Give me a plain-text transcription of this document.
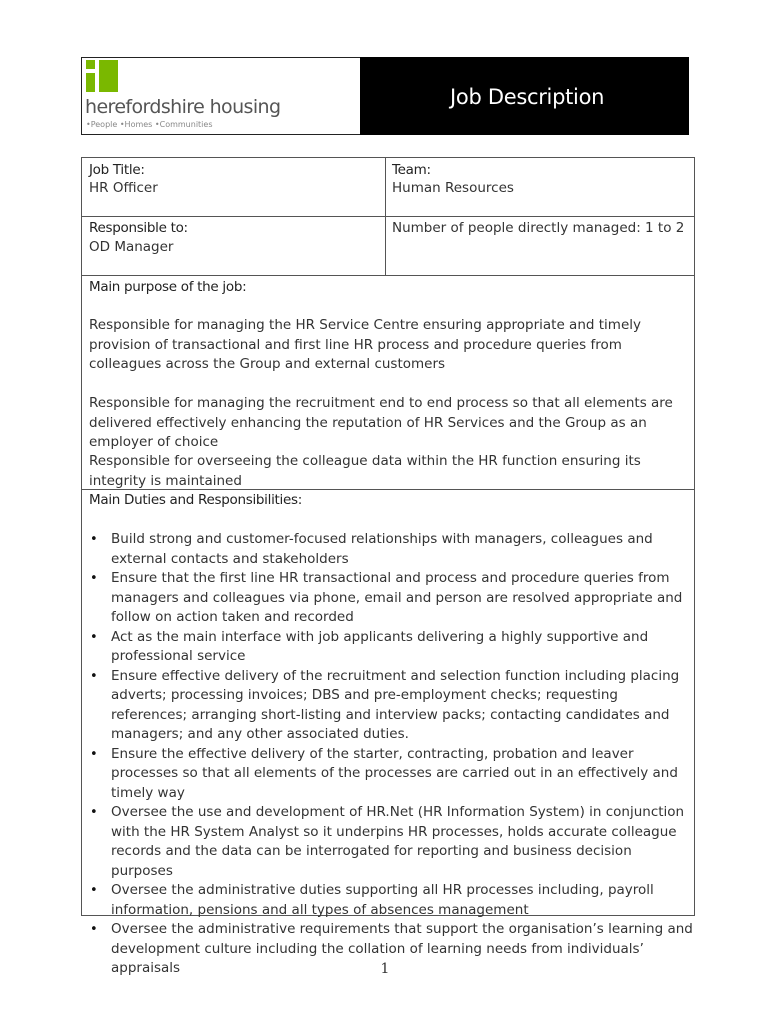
herefordshire housing
•People •Homes •Communities
Job Description
Job Title:
HR Officer
Team:
Human Resources
Responsible to:
OD Manager
Number of people directly managed: 1 to 2
Main purpose of the job:
Responsible for managing the HR Service Centre ensuring appropriate and timely provision of transactional and first line HR process and procedure queries from colleagues across the Group and external customers
Responsible for managing the recruitment end to end process so that all elements are delivered effectively enhancing the reputation of HR Services and the Group as an employer of choice
Responsible for overseeing the colleague data within the HR function ensuring its integrity is maintained
Main Duties and Responsibilities:
• Build strong and customer-focused relationships with managers, colleagues and external contacts and stakeholders
• Ensure that the first line HR transactional and process and procedure queries from managers and colleagues via phone, email and person are resolved appropriate and follow on action taken and recorded
• Act as the main interface with job applicants delivering a highly supportive and professional service
• Ensure effective delivery of the recruitment and selection function including placing adverts; processing invoices; DBS and pre-employment checks; requesting references; arranging short-listing and interview packs; contacting candidates and managers; and any other associated duties.
• Ensure the effective delivery of the starter, contracting, probation and leaver processes so that all elements of the processes are carried out in an effectively and timely way
• Oversee the use and development of HR.Net (HR Information System) in conjunction with the HR System Analyst so it underpins HR processes, holds accurate colleague records and the data can be interrogated for reporting and business decision purposes
• Oversee the administrative duties supporting all HR processes including, payroll information, pensions and all types of absences management
• Oversee the administrative requirements that support the organisation’s learning and development culture including the collation of learning needs from individuals’ appraisals	1
